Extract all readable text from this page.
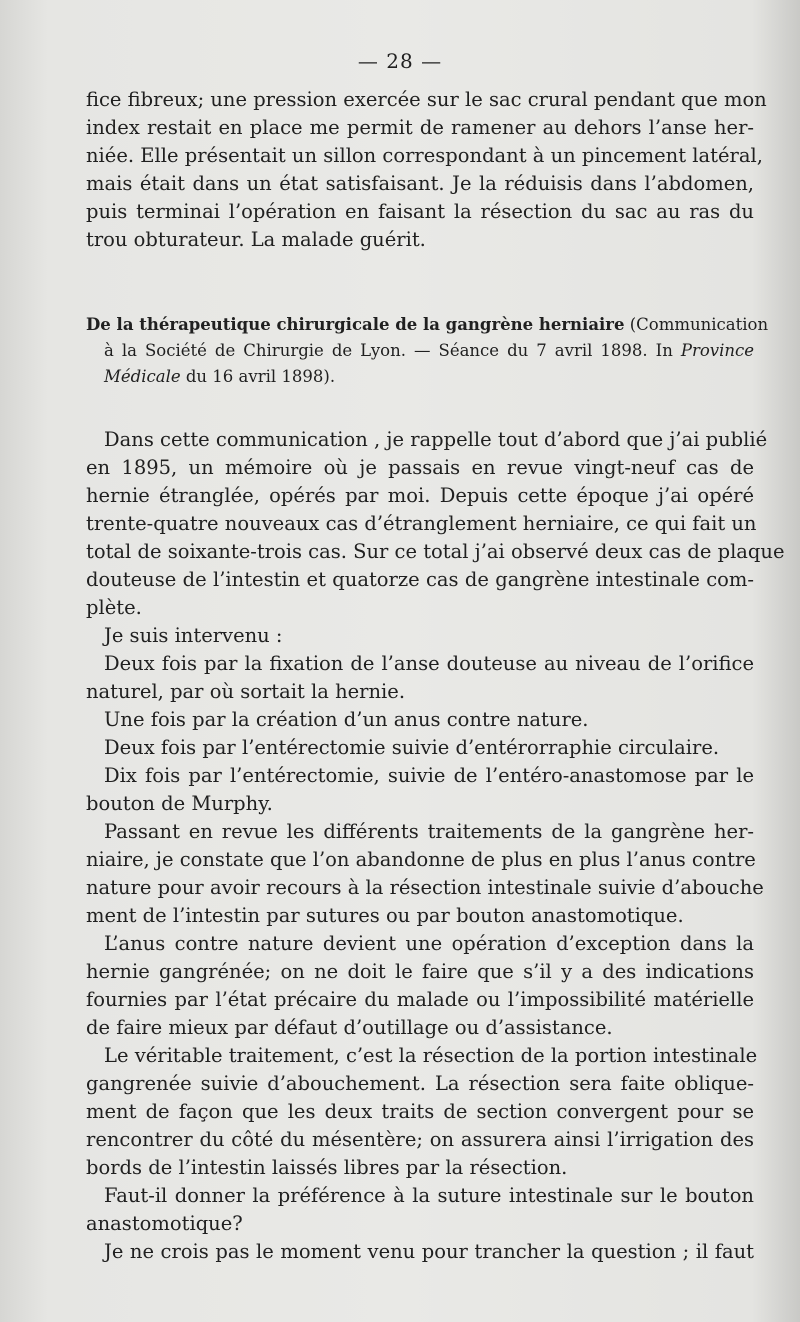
— 28 —
fice fibreux; une pression exercée sur le sac crural pendant que mon
index restait en place me permit de ramener au dehors l’anse her-
niée. Elle présentait un sillon correspondant à un pincement latéral,
mais était dans un état satisfaisant. Je la réduisis dans l’abdomen,
puis terminai l’opération en faisant la résection du sac au ras du
trou obturateur. La malade guérit.
De la thérapeutique chirurgicale de la gangrène herniaire (Communication
à la Société de Chirurgie de Lyon. — Séance du 7 avril 1898. In Province
Médicale du 16 avril 1898).
Dans cette communication , je rappelle tout d’abord que j’ai publié
en 1895, un mémoire où je passais en revue vingt-neuf cas de
hernie étranglée, opérés par moi. Depuis cette époque j’ai opéré
trente-quatre nouveaux cas d’étranglement herniaire, ce qui fait un
total de soixante-trois cas. Sur ce total j’ai observé deux cas de plaque
douteuse de l’intestin et quatorze cas de gangrène intestinale com-
plète.
Je suis intervenu :
Deux fois par la fixation de l’anse douteuse au niveau de l’orifice
naturel, par où sortait la hernie.
Une fois par la création d’un anus contre nature.
Deux fois par l’entérectomie suivie d’entérorraphie circulaire.
Dix fois par l’entérectomie, suivie de l’entéro-anastomose par le
bouton de Murphy.
Passant en revue les différents traitements de la gangrène her-
niaire, je constate que l’on abandonne de plus en plus l’anus contre
nature pour avoir recours à la résection intestinale suivie d’abouche
ment de l’intestin par sutures ou par bouton anastomotique.
L’anus contre nature devient une opération d’exception dans la
hernie gangrénée; on ne doit le faire que s’il y a des indications
fournies par l’état précaire du malade ou l’impossibilité matérielle
de faire mieux par défaut d’outillage ou d’assistance.
Le véritable traitement, c’est la résection de la portion intestinale
gangrenée suivie d’abouchement. La résection sera faite oblique-
ment de façon que les deux traits de section convergent pour se
rencontrer du côté du mésentère; on assurera ainsi l’irrigation des
bords de l’intestin laissés libres par la résection.
Faut-il donner la préférence à la suture intestinale sur le bouton
anastomotique?
Je ne crois pas le moment venu pour trancher la question ; il faut
